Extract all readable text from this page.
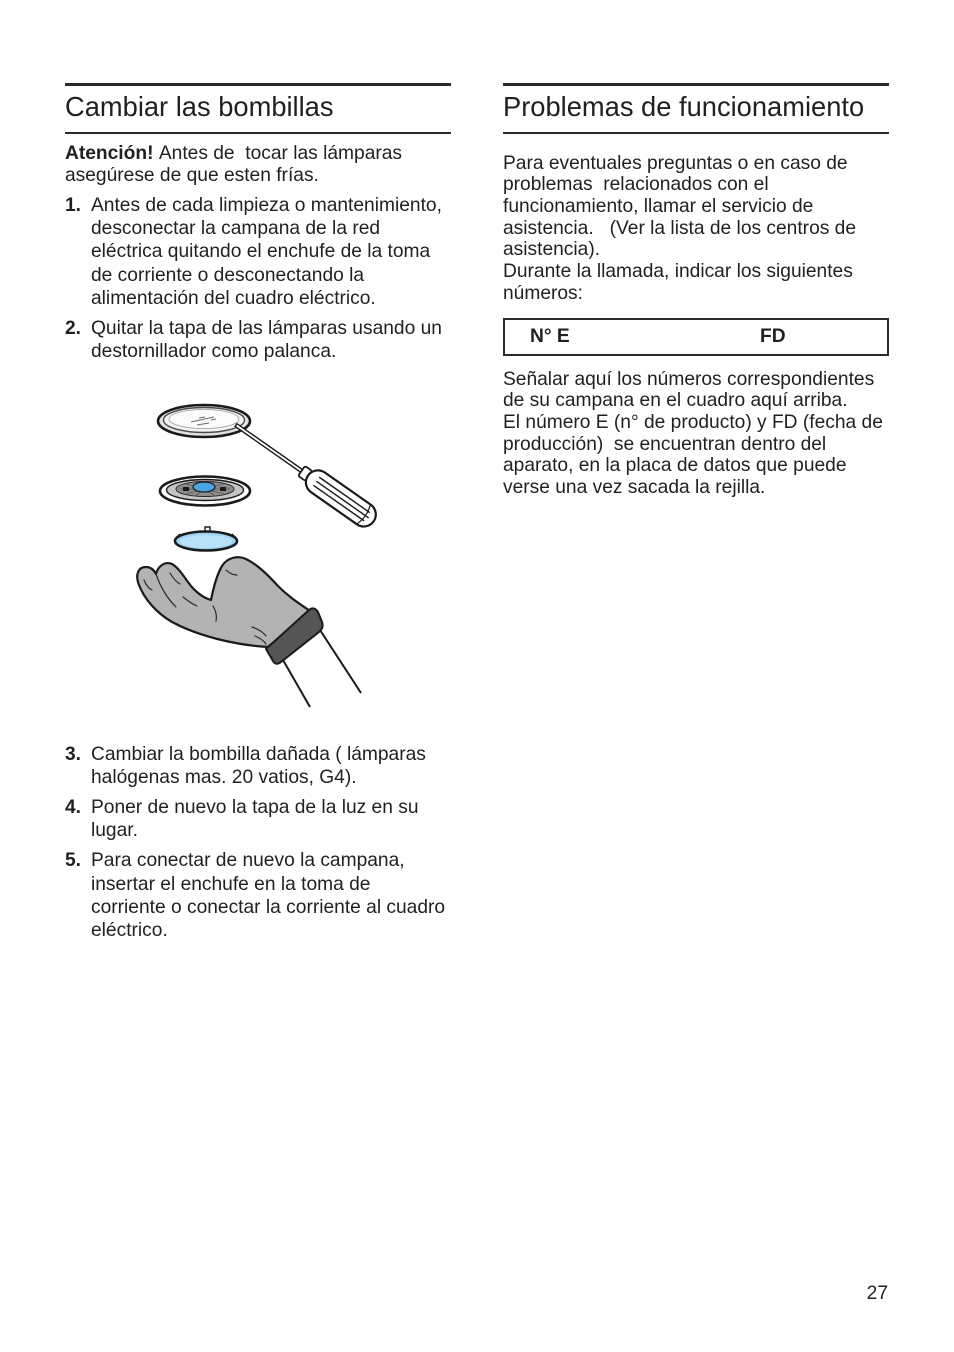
Cambiar las bombillas
Atención! Antes de  tocar las lámparas
asegúrese de que esten frías.
1. Antes de cada limpieza o mantenimiento,
desconectar la campana de la red
eléctrica quitando el enchufe de la toma
de corriente o desconectando la
alimentación del cuadro eléctrico.
2. Quitar la tapa de las lámparas usando un
destornillador como palanca.
3. Cambiar la bombilla dañada ( lámparas
halógenas mas. 20 vatios, G4).
4. Poner de nuevo la tapa de la luz en su
lugar.
5. Para conectar de nuevo la campana,
insertar el enchufe en la toma de
corriente o conectar la corriente al cuadro
eléctrico.
Problemas de funcionamiento
Para eventuales preguntas o en caso de
problemas  relacionados con el
funcionamiento, llamar el servicio de
asistencia.   (Ver la lista de los centros de
asistencia).
Durante la llamada, indicar los siguientes
números:
N° E	FD
Señalar aquí los números correspondientes
de su campana en el cuadro aquí arriba.
El número E (n° de producto) y FD (fecha de
producción)  se encuentran dentro del
aparato, en la placa de datos que puede
verse una vez sacada la rejilla.
27
